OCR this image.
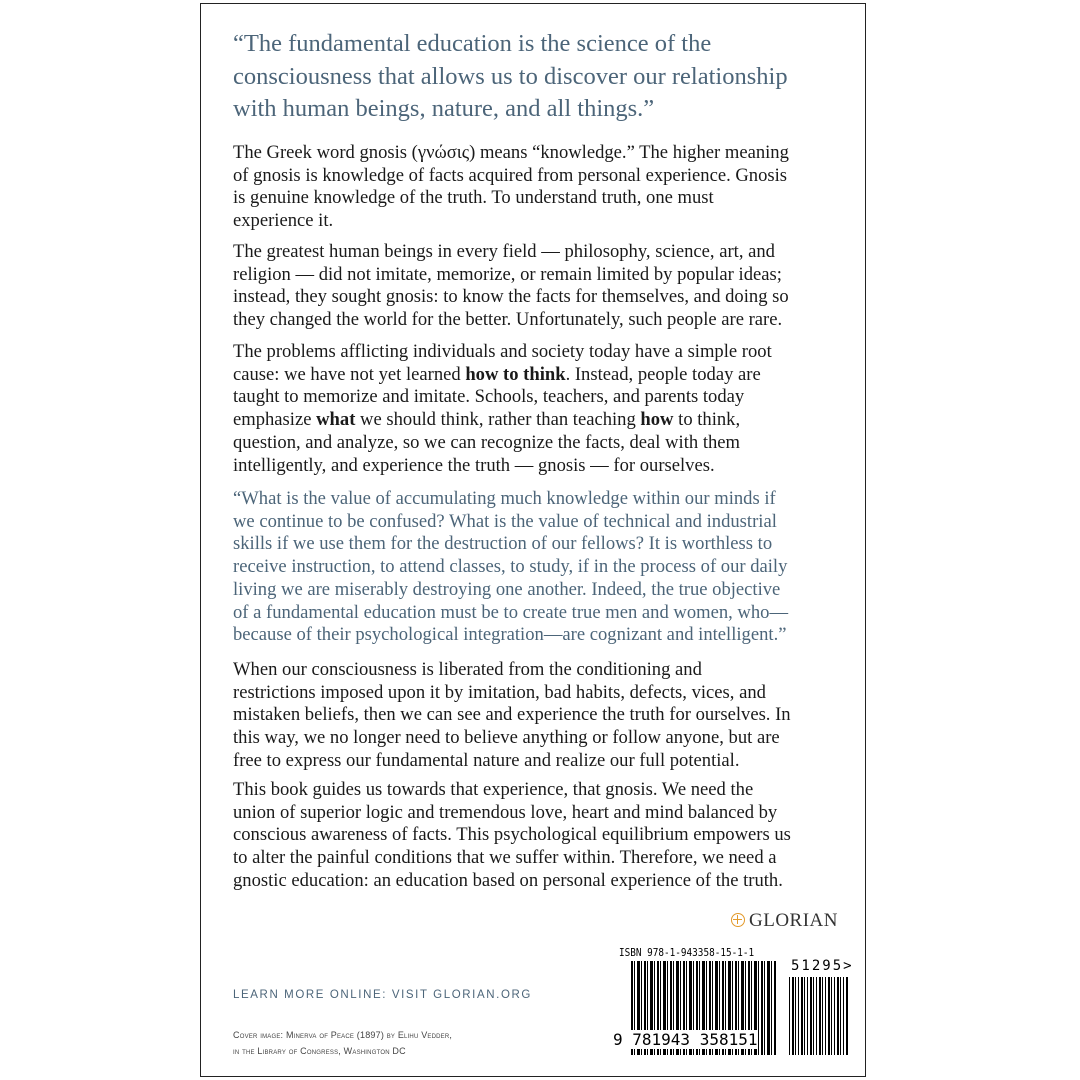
“The fundamental education is the science of the
consciousness that allows us to discover our relationship
with human beings, nature, and all things.”
The Greek word gnosis (γνώσις) means “knowledge.” The higher meaning
of gnosis is knowledge of facts acquired from personal experience. Gnosis
is genuine knowledge of the truth. To understand truth, one must
experience it.
The greatest human beings in every field — philosophy, science, art, and
religion — did not imitate, memorize, or remain limited by popular ideas;
instead, they sought gnosis: to know the facts for themselves, and doing so
they changed the world for the better. Unfortunately, such people are rare.
The problems afflicting individuals and society today have a simple root
cause: we have not yet learned how to think. Instead, people today are
taught to memorize and imitate. Schools, teachers, and parents today
emphasize what we should think, rather than teaching how to think,
question, and analyze, so we can recognize the facts, deal with them
intelligently, and experience the truth — gnosis — for ourselves.
“What is the value of accumulating much knowledge within our minds if
we continue to be confused? What is the value of technical and industrial
skills if we use them for the destruction of our fellows? It is worthless to
receive instruction, to attend classes, to study, if in the process of our daily
living we are miserably destroying one another. Indeed, the true objective
of a fundamental education must be to create true men and women, who—
because of their psychological integration—are cognizant and intelligent.”
When our consciousness is liberated from the conditioning and
restrictions imposed upon it by imitation, bad habits, defects, vices, and
mistaken beliefs, then we can see and experience the truth for ourselves. In
this way, we no longer need to believe anything or follow anyone, but are
free to express our fundamental nature and realize our full potential.
This book guides us towards that experience, that gnosis. We need the
union of superior logic and tremendous love, heart and mind balanced by
conscious awareness of facts. This psychological equilibrium empowers us
to alter the painful conditions that we suffer within. Therefore, we need a
gnostic education: an education based on personal experience of the truth.
GLORIAN
LEARN MORE ONLINE: VISIT GLORIAN.ORG
Cover image: Minerva of Peace (1897) by Elihu Vedder,
in the Library of Congress, Washington DC
ISBN 978-1-943358-15-1-1
51295>
9 781943 358151
